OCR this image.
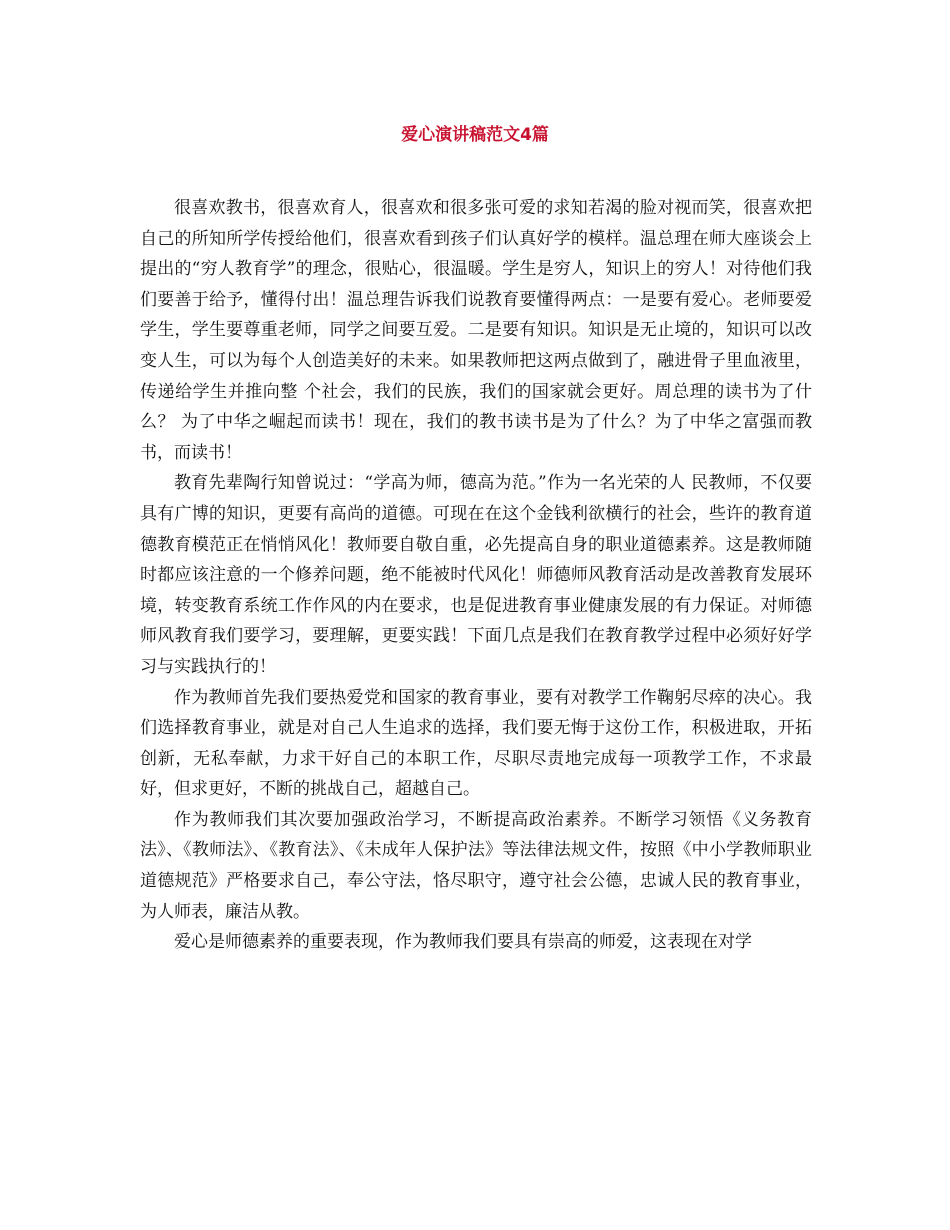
爱心演讲稿范文4篇

很喜欢教书，很喜欢育人，很喜欢和很多张可爱的求知若渴的脸对视而笑，很喜欢把自己的所知所学传授给他们，很喜欢看到孩子们认真好学的模样。温总理在师大座谈会上提出的“穷人教育学”的理念，很贴心，很温暖。学生是穷人，知识上的穷人！对待他们我们要善于给予，懂得付出！温总理告诉我们说教育要懂得两点：一是要有爱心。老师要爱学生，学生要尊重老师，同学之间要互爱。二是要有知识。知识是无止境的，知识可以改变人生，可以为每个人创造美好的未来。如果教师把这两点做到了，融进骨子里血液里，传递给学生并推向整 个社会，我们的民族，我们的国家就会更好。周总理的读书为了什么？ 为了中华之崛起而读书！现在，我们的教书读书是为了什么？为了中华之富强而教书，而读书！

教育先辈陶行知曾说过：“学高为师，德高为范。”作为一名光荣的人 民教师，不仅要具有广博的知识，更要有高尚的道德。可现在在这个金钱利欲横行的社会，些许的教育道德教育模范正在悄悄风化！教师要自敬自重，必先提高自身的职业道德素养。这是教师随时都应该注意的一个修养问题，绝不能被时代风化！师德师风教育活动是改善教育发展环境，转变教育系统工作作风的内在要求，也是促进教育事业健康发展的有力保证。对师德师风教育我们要学习，要理解，更要实践！下面几点是我们在教育教学过程中必须好好学习与实践执行的！

作为教师首先我们要热爱党和国家的教育事业，要有对教学工作鞠躬尽瘁的决心。我们选择教育事业，就是对自己人生追求的选择，我们要无悔于这份工作，积极进取，开拓创新，无私奉献，力求干好自己的本职工作，尽职尽责地完成每一项教学工作，不求最好，但求更好，不断的挑战自己，超越自己。

作为教师我们其次要加强政治学习，不断提高政治素养。不断学习领悟《义务教育法》、《教师法》、《教育法》、《未成年人保护法》等法律法规文件，按照《中小学教师职业道德规范》严格要求自己，奉公守法，恪尽职守，遵守社会公德，忠诚人民的教育事业，为人师表，廉洁从教。

爱心是师德素养的重要表现，作为教师我们要具有崇高的师爱，这表现在对学
